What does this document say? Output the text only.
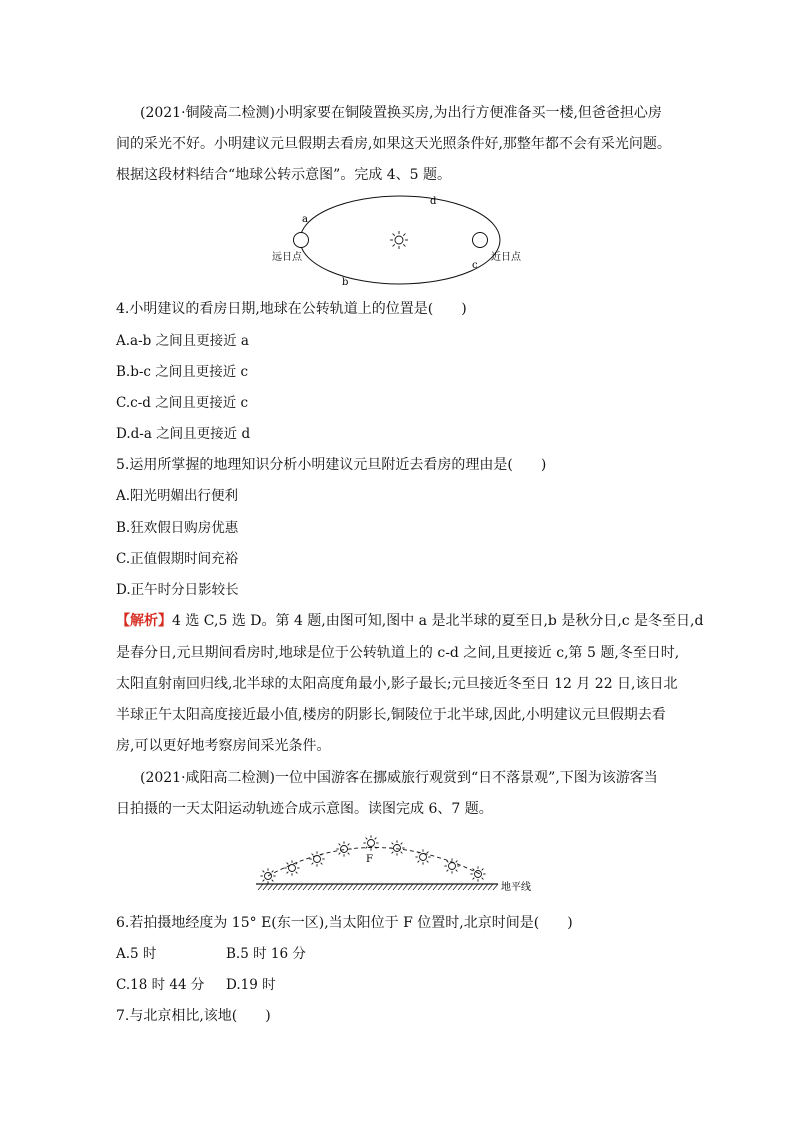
(2021·铜陵高二检测)小明家要在铜陵置换买房,为出行方便准备买一楼,但爸爸担心房
间的采光不好。小明建议元旦假期去看房,如果这天光照条件好,那整年都不会有采光问题。
根据这段材料结合“地球公转示意图”。完成 4、5 题。
a
d
b
c
远日点	近日点
4.小明建议的看房日期,地球在公转轨道上的位置是(　　)
A.a-b 之间且更接近 a
B.b-c 之间且更接近 c
C.c-d 之间且更接近 c
D.d-a 之间且更接近 d
5.运用所掌握的地理知识分析小明建议元旦附近去看房的理由是(　　)
A.阳光明媚出行便利
B.狂欢假日购房优惠
C.正值假期时间充裕
D.正午时分日影较长
【解析】4 选 C,5 选 D。第 4 题,由图可知,图中 a 是北半球的夏至日,b 是秋分日,c 是冬至日,d
是春分日,元旦期间看房时,地球是位于公转轨道上的 c-d 之间,且更接近 c,第 5 题,冬至日时,
太阳直射南回归线,北半球的太阳高度角最小,影子最长;元旦接近冬至日 12 月 22 日,该日北
半球正午太阳高度接近最小值,楼房的阴影长,铜陵位于北半球,因此,小明建议元旦假期去看
房,可以更好地考察房间采光条件。
(2021·咸阳高二检测)一位中国游客在挪威旅行观赏到“日不落景观”,下图为该游客当
日拍摄的一天太阳运动轨迹合成示意图。读图完成 6、7 题。
F
地平线
6.若拍摄地经度为 15° E(东一区),当太阳位于 F 位置时,北京时间是(　　)
A.5 时	B.5 时 16 分
C.18 时 44 分 D.19 时
7.与北京相比,该地(　　)
